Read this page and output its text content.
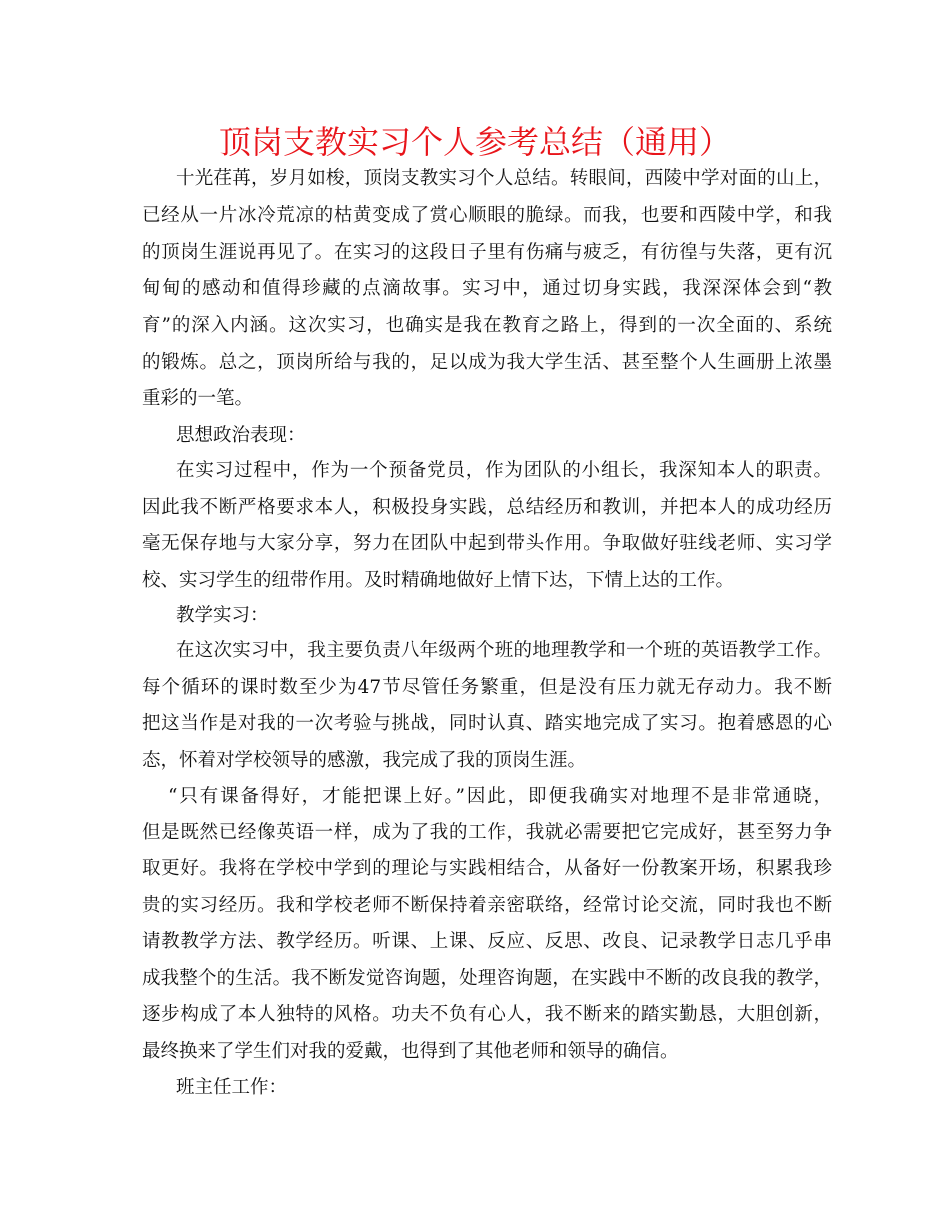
顶岗支教实习个人参考总结（通用）
十光荏苒，岁月如梭，顶岗支教实习个人总结。转眼间，西陵中学对面的山上，
已经从一片冰冷荒凉的枯黄变成了赏心顺眼的脆绿。而我，也要和西陵中学，和我
的顶岗生涯说再见了。在实习的这段日子里有伤痛与疲乏，有彷徨与失落，更有沉
甸甸的感动和值得珍藏的点滴故事。实习中，通过切身实践，我深深体会到“教
育”的深入内涵。这次实习，也确实是我在教育之路上，得到的一次全面的、系统
的锻炼。总之，顶岗所给与我的，足以成为我大学生活、甚至整个人生画册上浓墨
重彩的一笔。
思想政治表现：
在实习过程中，作为一个预备党员，作为团队的小组长，我深知本人的职责。
因此我不断严格要求本人，积极投身实践，总结经历和教训，并把本人的成功经历
毫无保存地与大家分享，努力在团队中起到带头作用。争取做好驻线老师、实习学
校、实习学生的纽带作用。及时精确地做好上情下达，下情上达的工作。
教学实习：
在这次实习中，我主要负责八年级两个班的地理教学和一个班的英语教学工作。
每个循环的课时数至少为47节尽管任务繁重，但是没有压力就无存动力。我不断
把这当作是对我的一次考验与挑战，同时认真、踏实地完成了实习。抱着感恩的心
态，怀着对学校领导的感激，我完成了我的顶岗生涯。
“只有课备得好，才能把课上好。”因此，即便我确实对地理不是非常通晓，
但是既然已经像英语一样，成为了我的工作，我就必需要把它完成好，甚至努力争
取更好。我将在学校中学到的理论与实践相结合，从备好一份教案开场，积累我珍
贵的实习经历。我和学校老师不断保持着亲密联络，经常讨论交流，同时我也不断
请教教学方法、教学经历。听课、上课、反应、反思、改良、记录教学日志几乎串
成我整个的生活。我不断发觉咨询题，处理咨询题，在实践中不断的改良我的教学，
逐步构成了本人独特的风格。功夫不负有心人，我不断来的踏实勤恳，大胆创新，
最终换来了学生们对我的爱戴，也得到了其他老师和领导的确信。
班主任工作：
